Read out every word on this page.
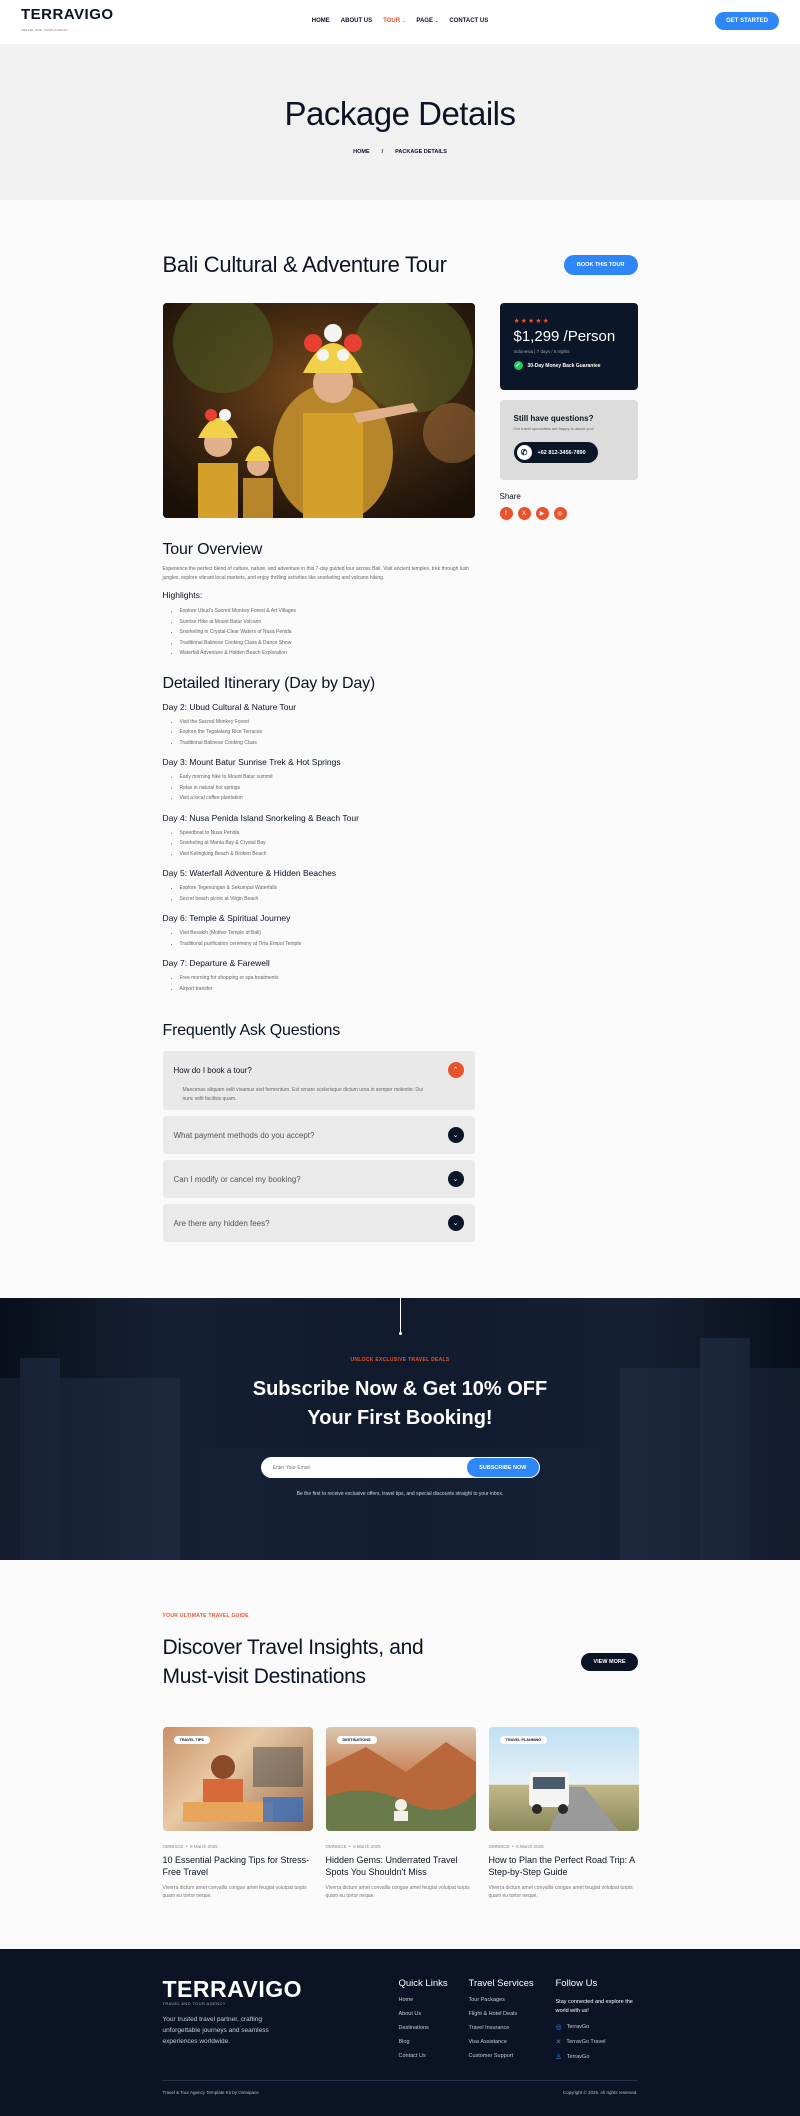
TERRAVIGO
TRAVEL AND TOUR AGENCY
HOME ABOUT US TOUR ⌄ PAGE ⌄ CONTACT US	GET STARTED
Package Details
HOME / PACKAGE DETAILS
Bali Cultural & Adventure Tour	BOOK THIS TOUR
Tour Overview

Experience the perfect blend of culture, nature, and adventure in this 7-day guided tour across Bali. Visit ancient temples, trek through lush jungles, explore vibrant local markets, and enjoy thrilling activities like snorkeling and volcano hiking.

Highlights:
• Explore Ubud's Sacred Monkey Forest & Art Villages
• Sunrise Hike at Mount Batur Volcano
• Snorkeling in Crystal-Clear Waters of Nusa Penida
• Traditional Balinese Cooking Class & Dance Show
• Waterfall Adventure & Hidden Beach Exploration
Detailed Itinerary (Day by Day)
Day 2: Ubud Cultural & Nature Tour
• Visit the Sacred Monkey Forest
• Explore the Tegalalang Rice Terraces
• Traditional Balinese Cooking Class
Day 3: Mount Batur Sunrise Trek & Hot Springs
• Early morning hike to Mount Batur summit
• Relax in natural hot springs
• Visit a local coffee plantation
Day 4: Nusa Penida Island Snorkeling & Beach Tour
• Speedboat to Nusa Penida
• Snorkeling at Manta Bay & Crystal Bay
• Visit Kelingking Beach & Broken Beach
Day 5: Waterfall Adventure & Hidden Beaches
• Explore Tegenungan & Sekumpul Waterfalls
• Secret beach picnic at Virgin Beach
Day 6: Temple & Spiritual Journey
• Visit Besakih (Mother Temple of Bali)
• Traditional purification ceremony at Tirta Empul Temple
Day 7: Departure & Farewell
• Free morning for shopping or spa treatments
• Airport transfer
Frequently Ask Questions
How do I book a tour?	⌃

Maecenas aliquam velit vivamus sed fermentum. Est ornare scelerisque dictum urna in semper molestie. Dui nunc velit facilisis quam.

What payment methods do you accept?	⌄
Can I modify or cancel my booking?	⌄
Are there any hidden fees?	⌄
★★★★★
$1,299 /Person
Indonesia | 7 days / 6 nights
✓	30-Day Money Back Guarantee
Still have questions?

Our travel specialists are happy to assist you!

✆	+62 812-3456-7890
Share
f	X	▶	◎
UNLOCK EXCLUSIVE TRAVEL DEALS
Subscribe Now & Get 10% OFF
Your First Booking!
Enter Your Email
SUBSCRIBE NOW

Be the first to receive exclusive offers, travel tips, and special discounts straight to your inbox.

YOUR ULTIMATE TRAVEL GUIDE
Discover Travel Insights, and Must-visit Destinations
VIEW MORE
TRAVEL TIPS
OMNISCE  •  6 March 2025
10 Essential Packing Tips for Stress-Free Travel

Viverra dictum amet convallis congue amet feugiat volutpat turpis quam eu tortor neque.

DESTINATIONS
OMNISCE  •  6 March 2025
Hidden Gems: Underrated Travel Spots You Shouldn't Miss

Viverra dictum amet convallis congue amet feugiat volutpat turpis quam eu tortor neque.

TRAVEL PLANNING
OMNISCE  •  6 March 2025
How to Plan the Perfect Road Trip: A Step-by-Step Guide

Viverra dictum amet convallis congue amet feugiat volutpat turpis quam eu tortor neque.

TERRAVIGO
TRAVEL AND TOUR AGENCY

Your trusted travel partner, crafting unforgettable journeys and seamless experiences worldwide.

Quick Links
Home
About Us
Destinations
Blog
Contact Us
Travel Services
Tour Packages
Flight & Hotel Deals
Travel Insurance
Visa Assistance
Customer Support
Follow Us

Stay connected and explore the world with us!

◎ TerravGo
✕ TerravGo Travel
♙ TerravGo
Travel & Tour Agency Template Kit by Omnipace	Copyright © 2025. All rights reserved.
